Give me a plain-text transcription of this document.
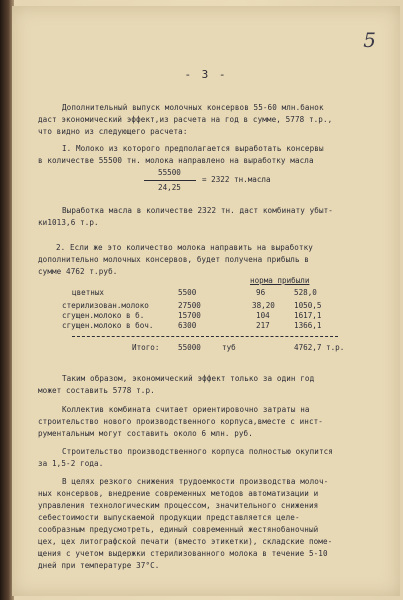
5
- 3 -
Дополнительный выпуск молочных консервов 55-60 млн.банок
даст экономический эффект,из расчета на год в сумме, 5778 т.р.,
что видно из следующего расчета:
I. Молоко из которого предполагается выработать консервы
в количестве 55500 тн. молока направлено на выработку масла
55500
24,25
= 2322 тн.масла
Выработка масла в количестве 2322 тн. даст комбинату убыт-
ки1013,6 т.р.
2. Если же это количество молока направить на выработку
дополнительно молочных консервов, будет получена прибыль в
сумме 4762 т.руб.
норма прибыли
цветных	5500	96	528,0
стерилизован.молоко	27500	38,20	1050,5
сгущен.молоко в б.	15700	104	1617,1
сгущен.молоко в боч.	6300	217	1366,1
Итого: 55000	туб	4762,7 т.р.
Таким образом, экономический эффект только за один год
может составить 5778 т.р.
Коллектив комбината считает ориентировочно затраты на
строительство нового производственного корпуса,вместе с инст-
рументальным могут составить около 6 млн. руб.
Строительство производственного корпуса полностью окупится
за 1,5-2 года.
В целях резкого снижения трудоемкости производства молоч-
ных консервов, внедрение современных методов автоматизации и
управления технологическим процессом, значительного снижения
себестоимости выпускаемой продукции представляется целе-
сообразным предусмотреть, единый современный жестянобаночный
цех, цех литографской печати (вместо этикетки), складские поме-
щения с учетом выдержки стерилизованного молока в течение 5-10
дней при температуре 37°С.
